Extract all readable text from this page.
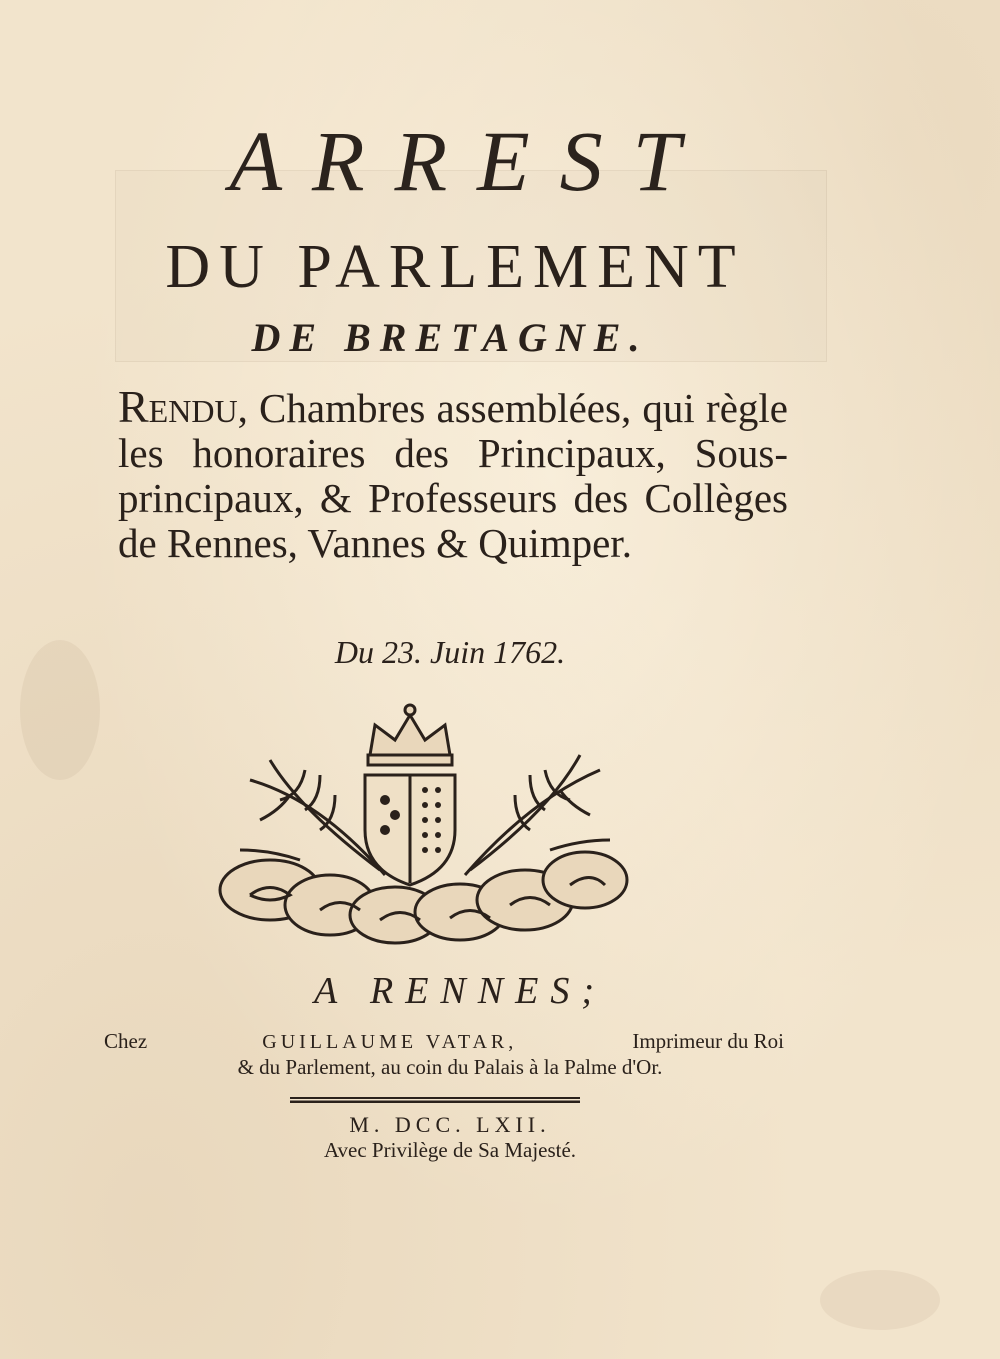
ARREST
DU PARLEMENT
DE BRETAGNE.
Rendu, Chambres assemblées, qui règle les honoraires des Principaux, Sous-principaux, & Professeurs des Collèges de Rennes, Vannes & Quimper.
Du 23. Juin 1762.
A RENNES;
Chez	GUILLAUME VATAR,	Imprimeur du Roi
& du Parlement, au coin du Palais à la Palme d'Or.
M. DCC. LXII.
Avec Privilège de Sa Majesté.
